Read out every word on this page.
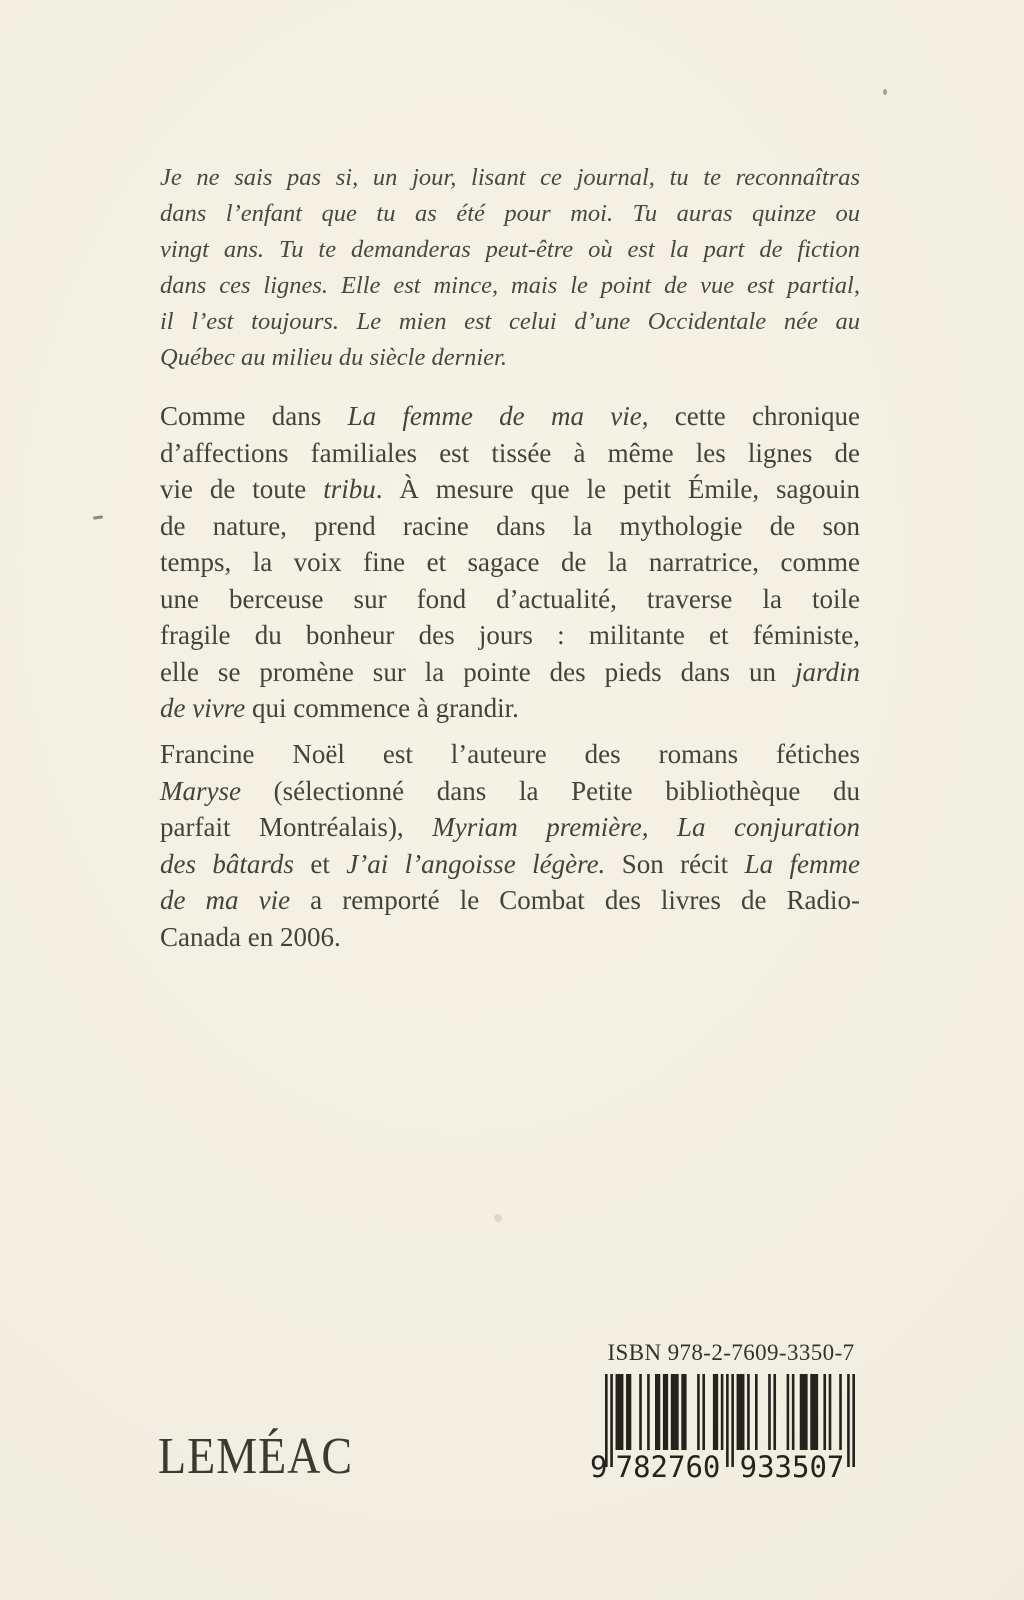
Je ne sais pas si, un jour, lisant ce journal, tu te reconnaîtras
dans l’enfant que tu as été pour moi. Tu auras quinze ou
vingt ans. Tu te demanderas peut-être où est la part de fiction
dans ces lignes. Elle est mince, mais le point de vue est partial,
il l’est toujours. Le mien est celui d’une Occidentale née au
Québec au milieu du siècle dernier.
Comme dans La femme de ma vie, cette chronique
d’affections familiales est tissée à même les lignes de
vie de toute tribu. À mesure que le petit Émile, sagouin
de nature, prend racine dans la mythologie de son
temps, la voix fine et sagace de la narratrice, comme
une berceuse sur fond d’actualité, traverse la toile
fragile du bonheur des jours : militante et féministe,
elle se promène sur la pointe des pieds dans un jardin
de vivre qui commence à grandir.
Francine Noël est l’auteure des romans fétiches
Maryse (sélectionné dans la Petite bibliothèque du
parfait Montréalais), Myriam première, La conjuration
des bâtards et J’ai l’angoisse légère. Son récit La femme
de ma vie a remporté le Combat des livres de Radio-
Canada en 2006.
LEMÉAC
ISBN 978-2-7609-3350-7
9 782760 933507
